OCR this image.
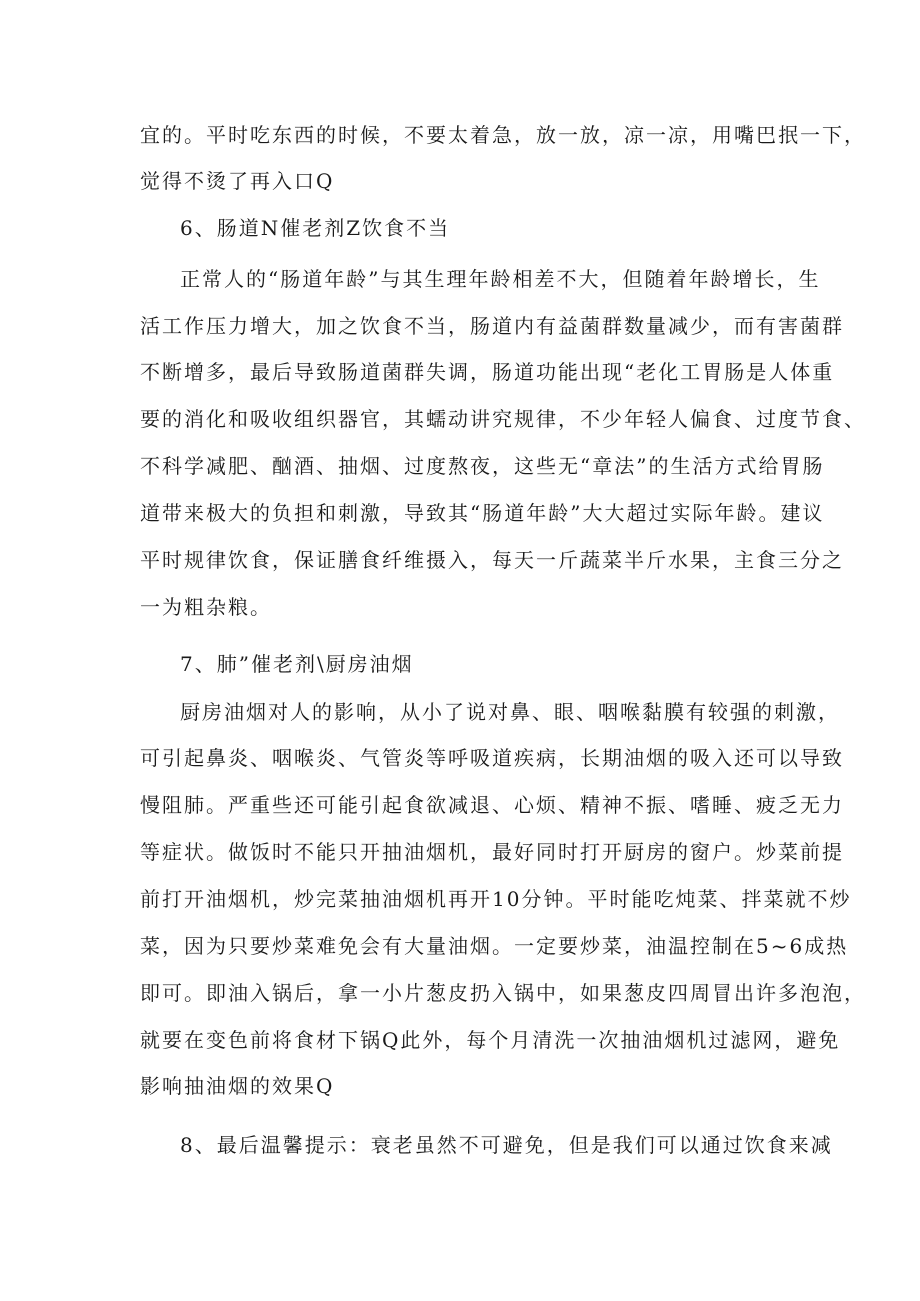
宜的。平时吃东西的时候，不要太着急，放一放，凉一凉，用嘴巴抿一下，
觉得不烫了再入口Q
6、肠道N催老剂Z饮食不当
正常人的“肠道年龄”与其生理年龄相差不大，但随着年龄增长，生
活工作压力增大，加之饮食不当，肠道内有益菌群数量减少，而有害菌群
不断增多，最后导致肠道菌群失调，肠道功能出现“老化工胃肠是人体重
要的消化和吸收组织器官，其蠕动讲究规律，不少年轻人偏食、过度节食、
不科学减肥、酗酒、抽烟、过度熬夜，这些无“章法”的生活方式给胃肠
道带来极大的负担和刺激，导致其“肠道年龄”大大超过实际年龄。建议
平时规律饮食，保证膳食纤维摄入，每天一斤蔬菜半斤水果，主食三分之
一为粗杂粮。
7、肺”催老剂\厨房油烟
厨房油烟对人的影响，从小了说对鼻、眼、咽喉黏膜有较强的刺激，
可引起鼻炎、咽喉炎、气管炎等呼吸道疾病，长期油烟的吸入还可以导致
慢阻肺。严重些还可能引起食欲减退、心烦、精神不振、嗜睡、疲乏无力
等症状。做饭时不能只开抽油烟机，最好同时打开厨房的窗户。炒菜前提
前打开油烟机，炒完菜抽油烟机再开10分钟。平时能吃炖菜、拌菜就不炒
菜，因为只要炒菜难免会有大量油烟。一定要炒菜，油温控制在5~6成热
即可。即油入锅后，拿一小片葱皮扔入锅中，如果葱皮四周冒出许多泡泡，
就要在变色前将食材下锅Q此外，每个月清洗一次抽油烟机过滤网，避免
影响抽油烟的效果Q
8、最后温馨提示：衰老虽然不可避免，但是我们可以通过饮食来减
